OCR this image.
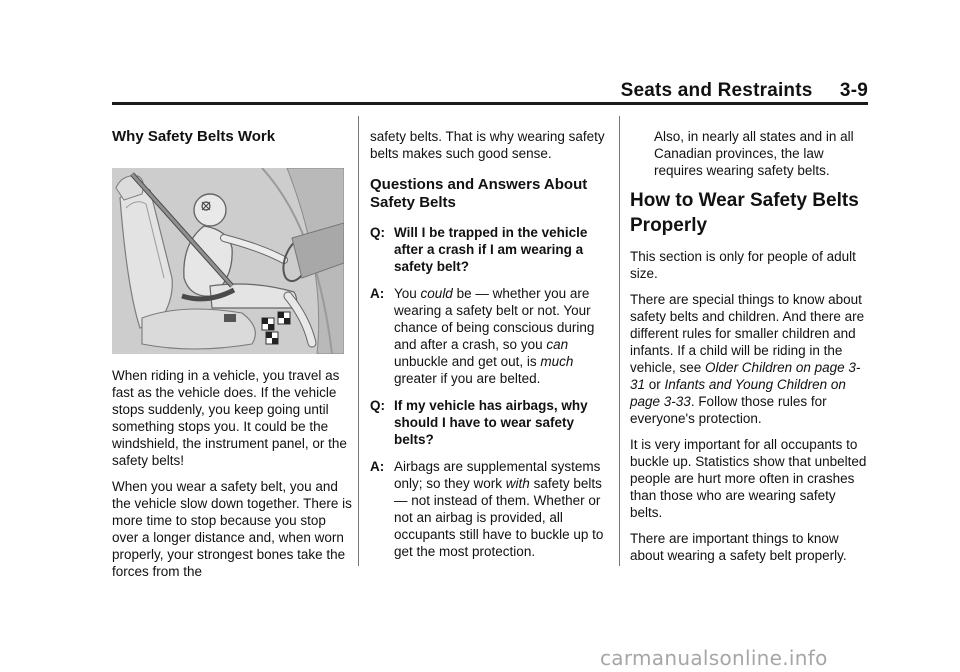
Seats and Restraints     3-9
Why Safety Belts Work

When riding in a vehicle, you travel as fast as the vehicle does. If the vehicle stops suddenly, you keep going until something stops you. It could be the windshield, the instrument panel, or the safety belts!

When you wear a safety belt, you and the vehicle slow down together. There is more time to stop because you stop over a longer distance and, when worn properly, your strongest bones take the forces from the

safety belts. That is why wearing safety belts makes such good sense.

Questions and Answers About Safety Belts
Q: Will I be trapped in the vehicle after a crash if I am wearing a safety belt?
A: You could be — whether you are wearing a safety belt or not. Your chance of being conscious during and after a crash, so you can unbuckle and get out, is much greater if you are belted.
Q: If my vehicle has airbags, why should I have to wear safety belts?
A: Airbags are supplemental systems only; so they work with safety belts — not instead of them. Whether or not an airbag is provided, all occupants still have to buckle up to get the most protection.

Also, in nearly all states and in all Canadian provinces, the law requires wearing safety belts.

How to Wear Safety Belts Properly

This section is only for people of adult size.

There are special things to know about safety belts and children. And there are different rules for smaller children and infants. If a child will be riding in the vehicle, see Older Children on page 3-31 or Infants and Young Children on page 3-33. Follow those rules for everyone's protection.

It is very important for all occupants to buckle up. Statistics show that unbelted people are hurt more often in crashes than those who are wearing safety belts.

There are important things to know about wearing a safety belt properly.

carmanualsonline.info
